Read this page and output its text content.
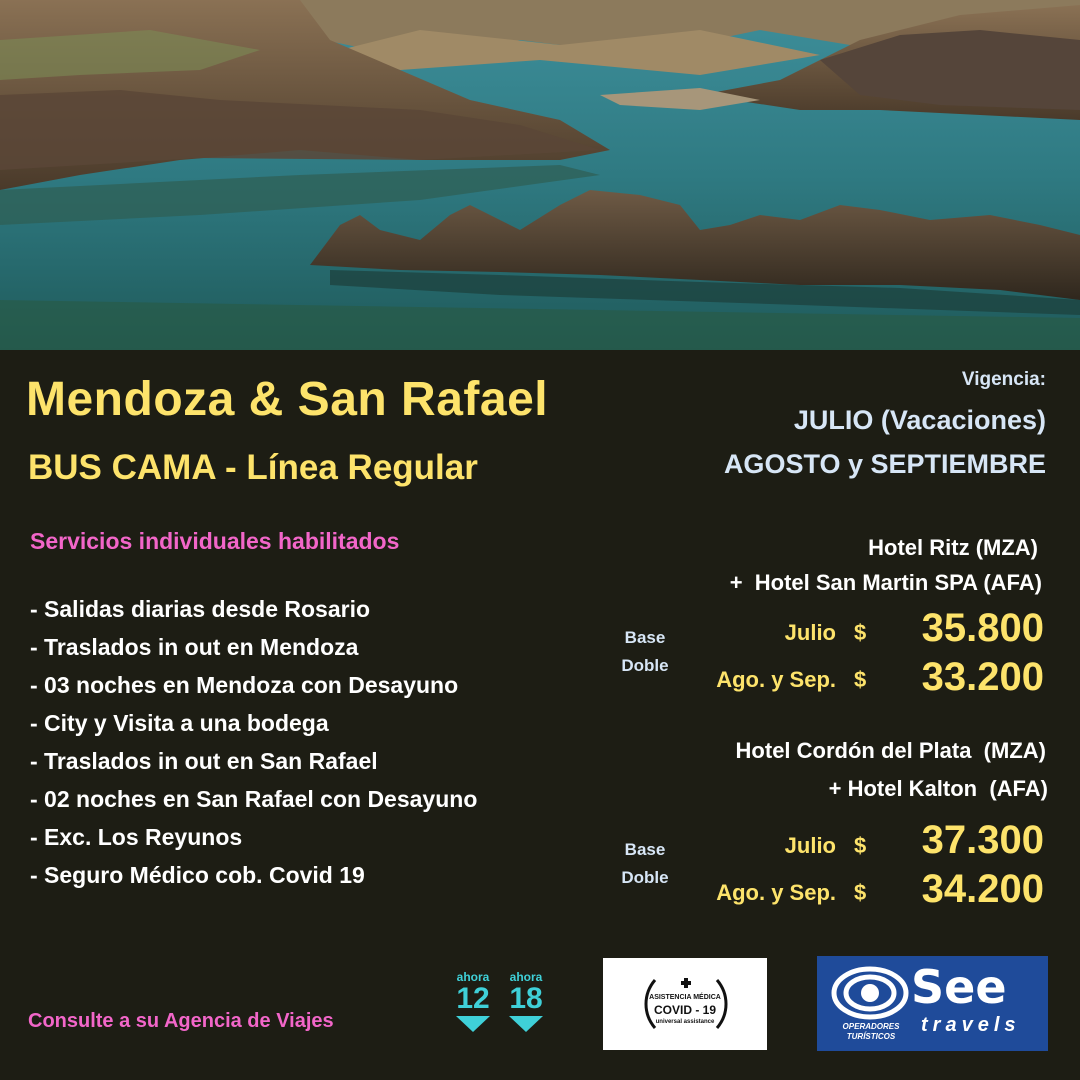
Mendoza & San Rafael
BUS CAMA - Línea Regular
Vigencia:
JULIO (Vacaciones)
AGOSTO y SEPTIEMBRE
Servicios individuales habilitados
- Salidas diarias desde Rosario
- Traslados in out en Mendoza
- 03 noches en Mendoza con Desayuno
- City y Visita a una bodega
- Traslados in out en San Rafael
- 02 noches en San Rafael con Desayuno
- Exc. Los Reyunos
- Seguro Médico cob. Covid 19
Hotel Ritz (MZA)
+  Hotel San Martin SPA (AFA)
Base
Doble
Julio $	35.800
Ago. y Sep. $	33.200
Hotel Cordón del Plata  (MZA)
+ Hotel Kalton  (AFA)
Base
Doble
Julio $	37.300
Ago. y Sep. $	34.200
Consulte a su Agencia de Viajes
ahora
12
ahora
18	ASISTENCIA MÉDICA
COVID - 19
universal assistance
See
travels
OPERADORES
TURÍSTICOS
